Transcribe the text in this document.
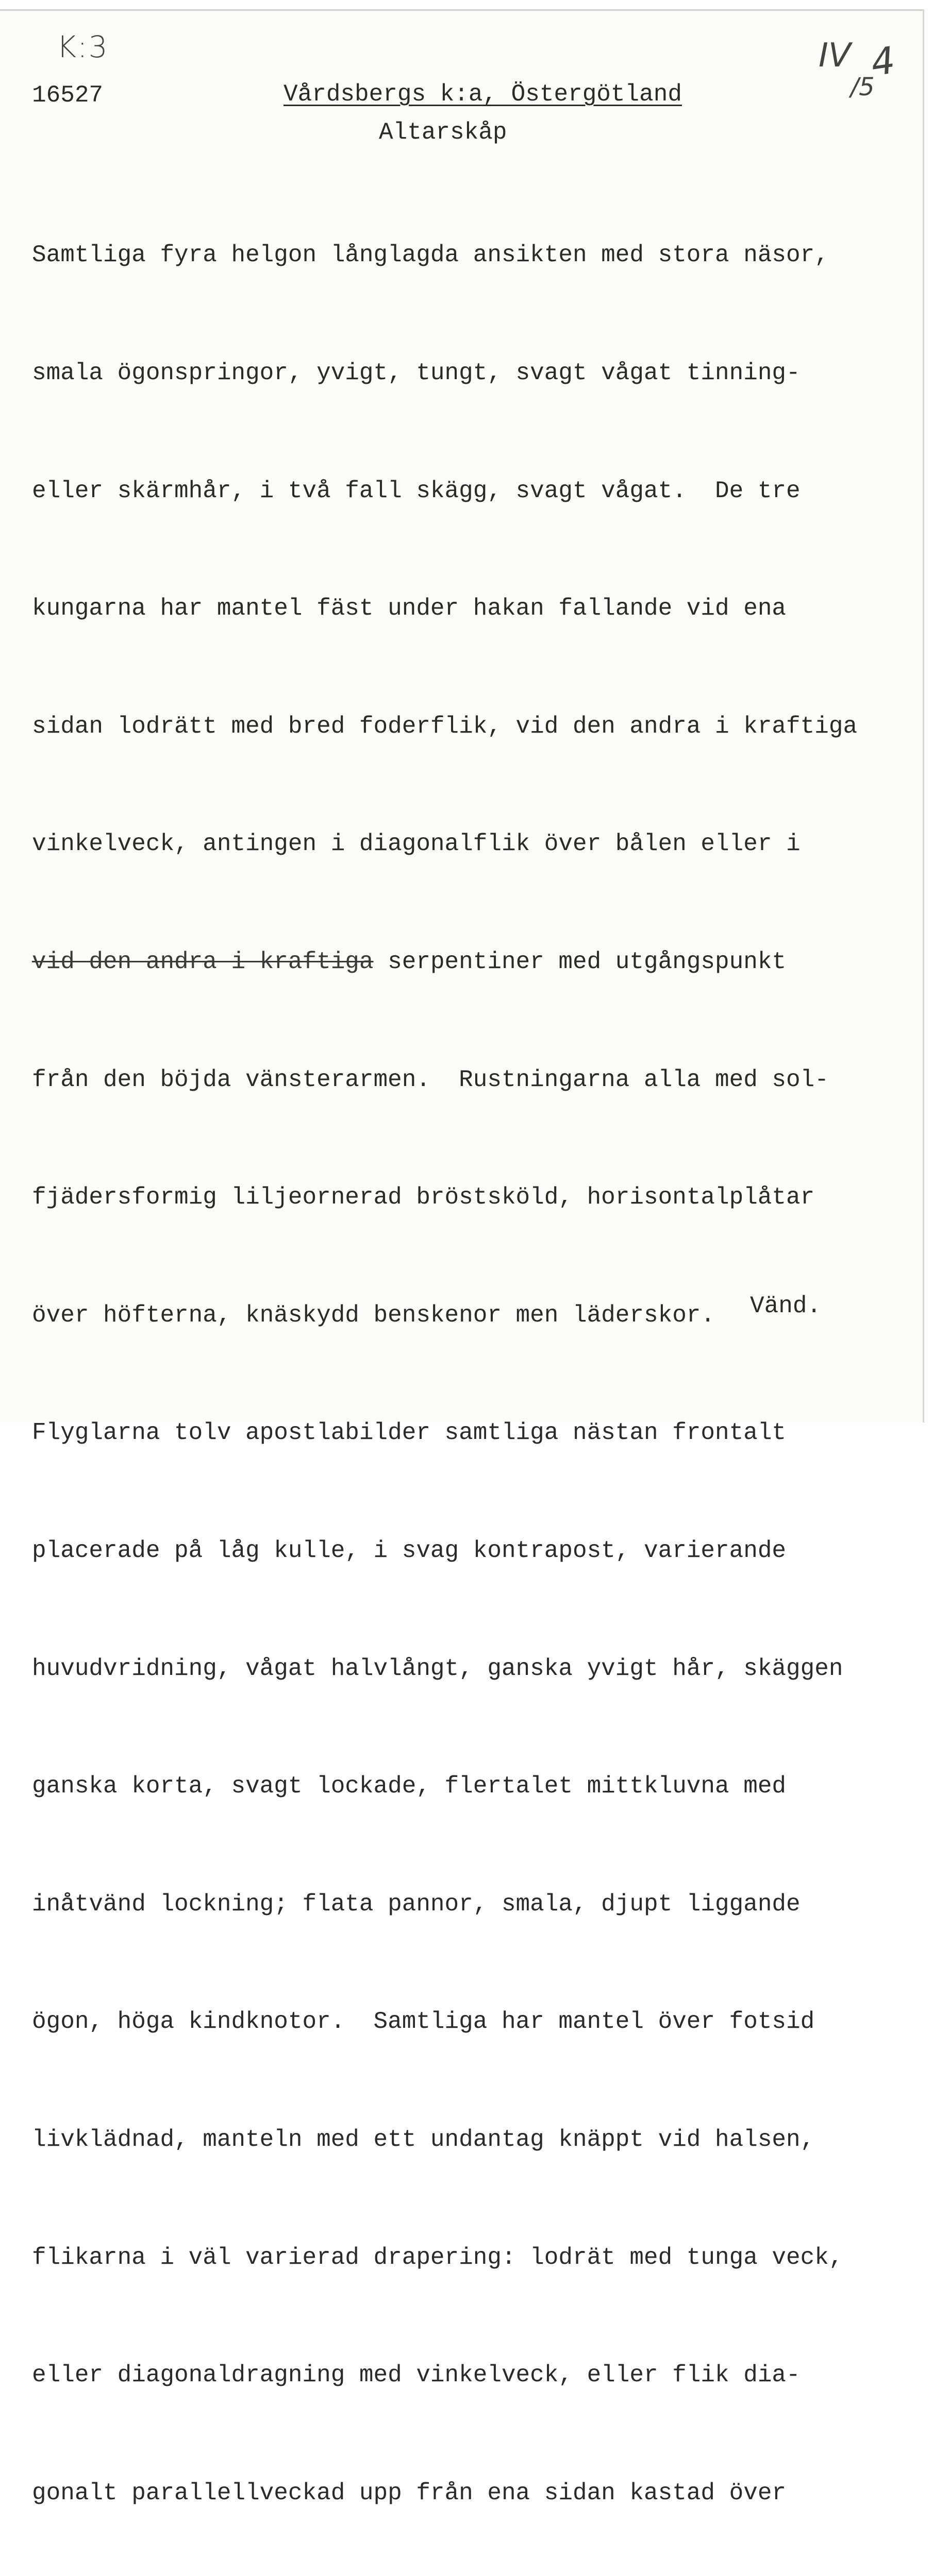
K:3	IV 4
/5
16527	Vårdsbergs k:a, Östergötland
Altarskåp

Samtliga fyra helgon långlagda ansikten med stora näsor,

smala ögonspringor, yvigt, tungt, svagt vågat tinning-

eller skärmhår, i två fall skägg, svagt vågat.  De tre

kungarna har mantel fäst under hakan fallande vid ena

sidan lodrätt med bred foderflik, vid den andra i kraftiga

vinkelveck, antingen i diagonalflik över bålen eller i

vid den andra i kraftiga serpentiner med utgångspunkt

från den böjda vänsterarmen.  Rustningarna alla med sol-

fjädersformig liljeornerad bröstsköld, horisontalplåtar

över höfterna, knäskydd benskenor men läderskor.

Flyglarna tolv apostlabilder samtliga nästan frontalt

placerade på låg kulle, i svag kontrapost, varierande

huvudvridning, vågat halvlångt, ganska yvigt hår, skäggen

ganska korta, svagt lockade, flertalet mittkluvna med

inåtvänd lockning; flata pannor, smala, djupt liggande

ögon, höga kindknotor.  Samtliga har mantel över fotsid

livklädnad, manteln med ett undantag knäppt vid halsen,

flikarna i väl varierad drapering: lodrät med tunga veck,

eller diagonaldragning med vinkelveck, eller flik dia-

gonalt parallellveckad upp från ena sidan kastad över

Vänd.
